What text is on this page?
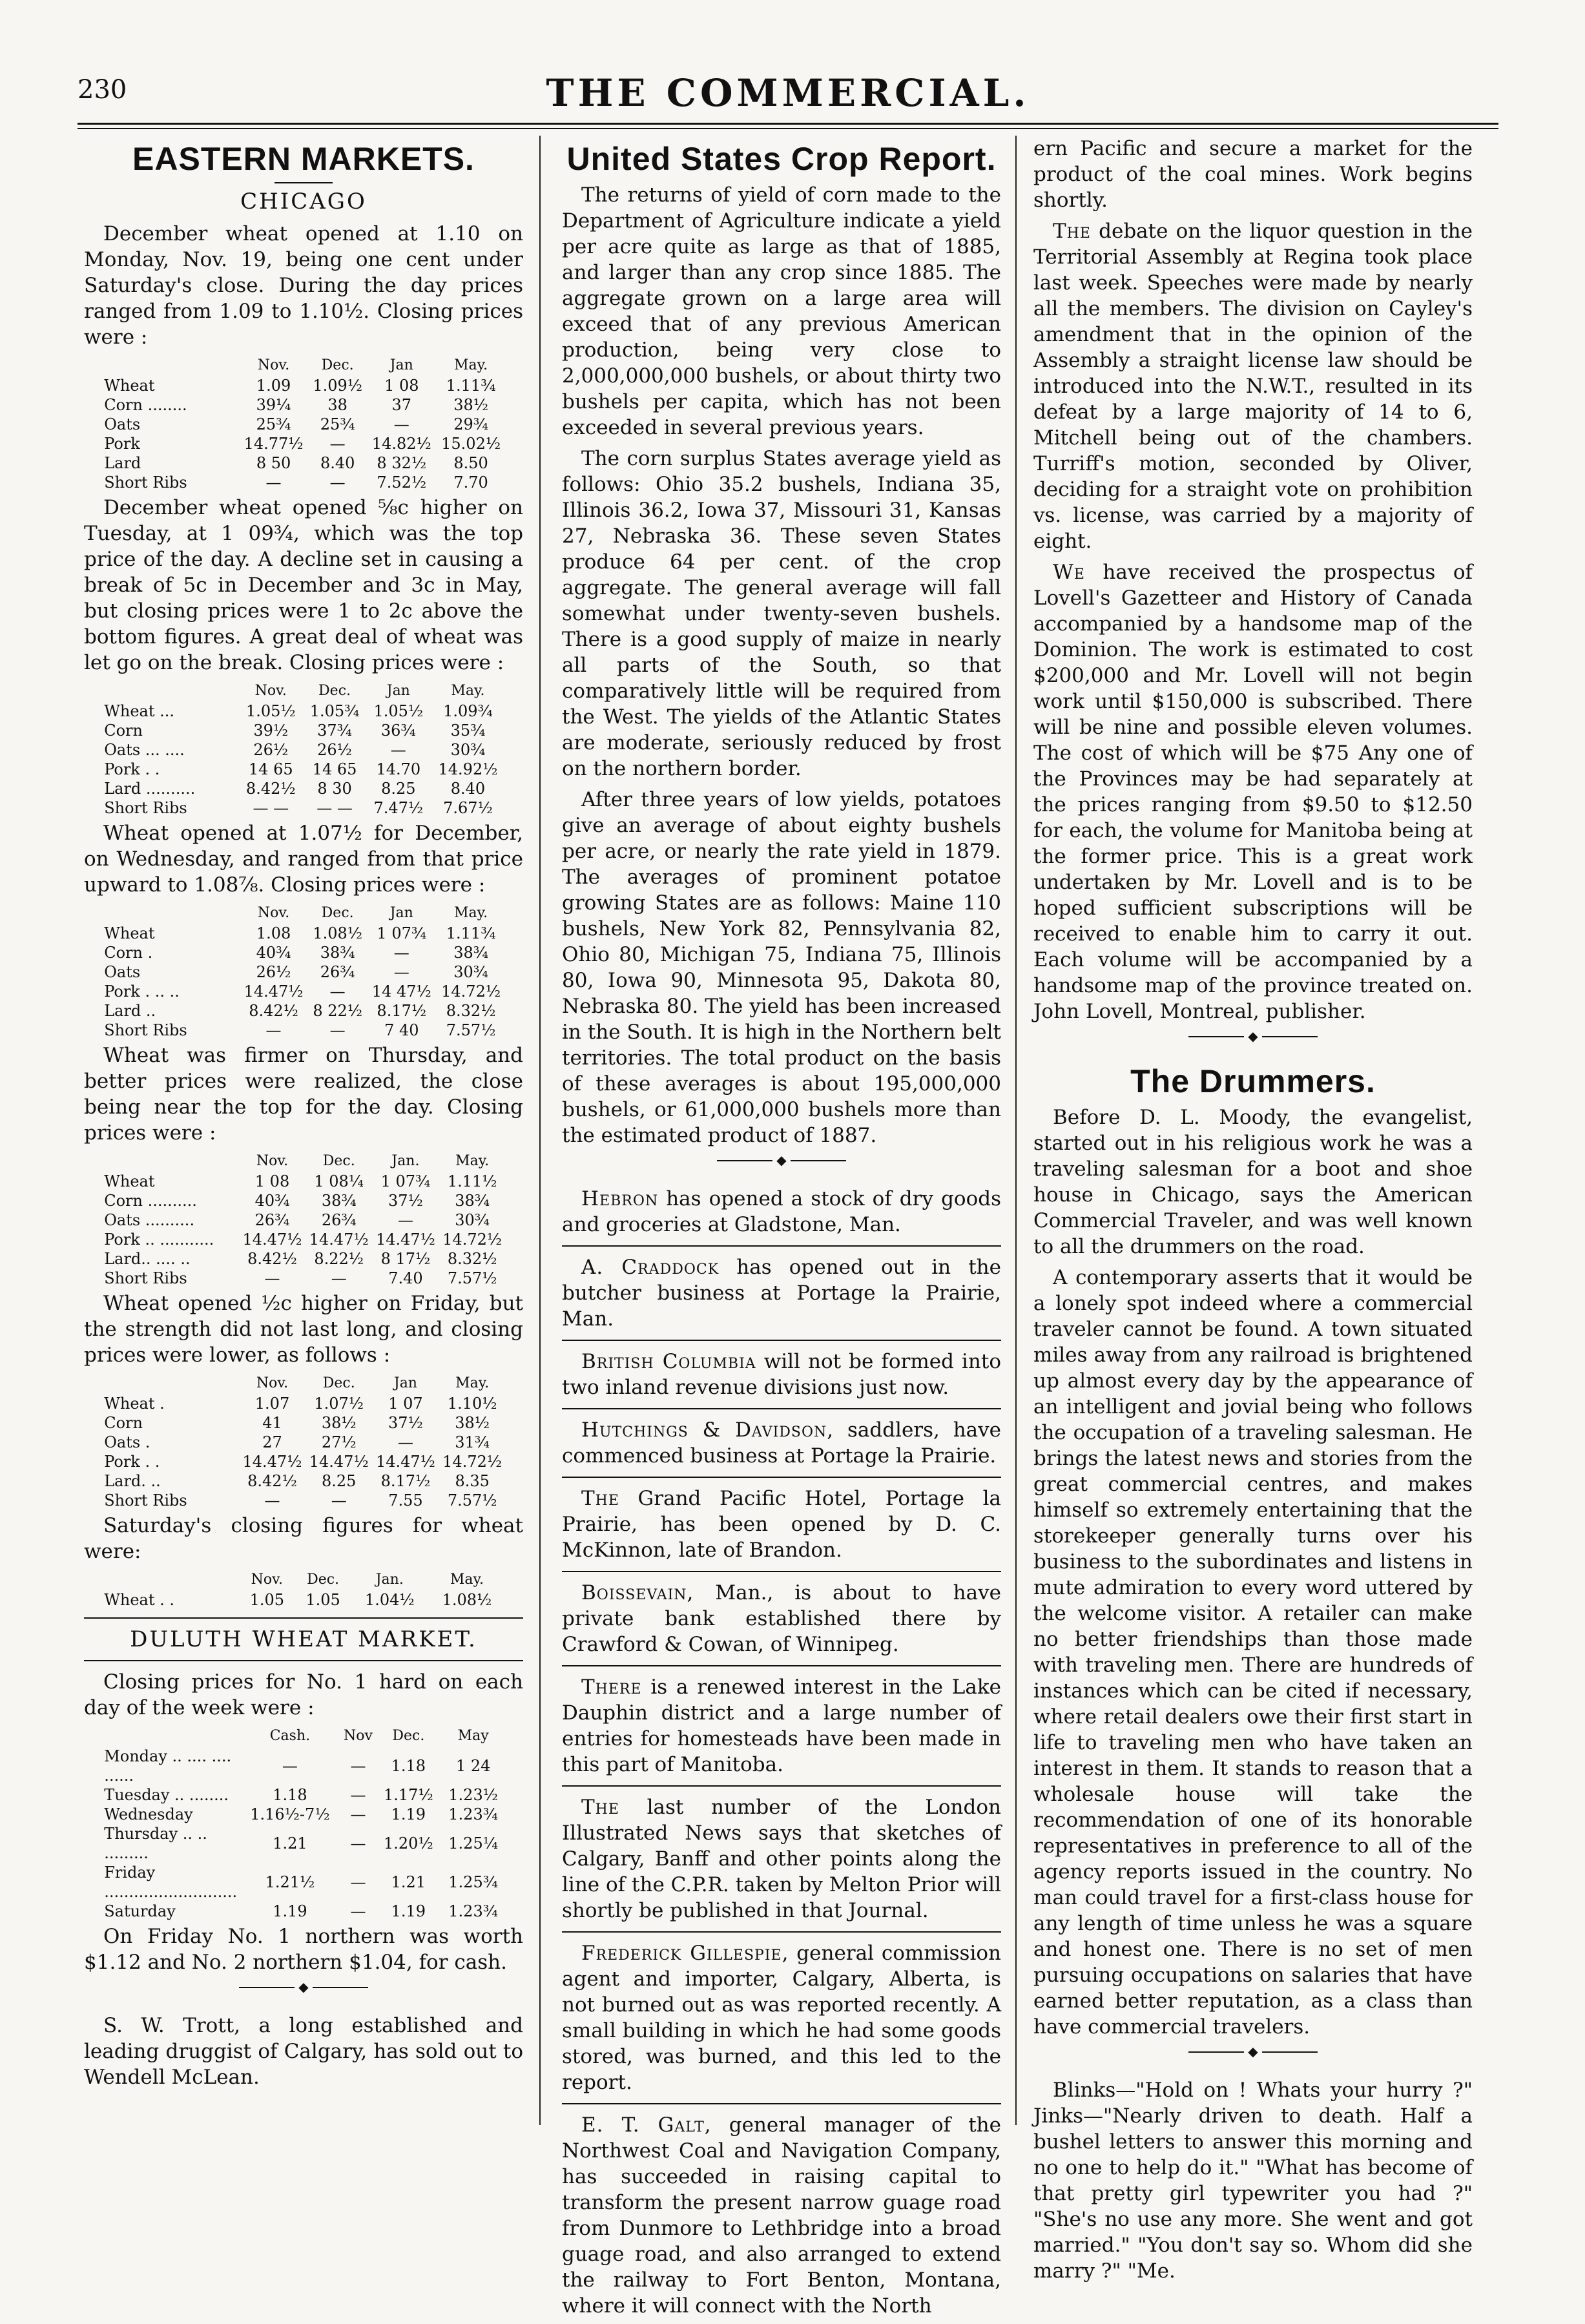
230	THE COMMERCIAL.
EASTERN MARKETS.
CHICAGO

December wheat opened at 1.10 on Monday, Nov. 19, being one cent under Saturday's close. During the day prices ranged from 1.09 to 1.10½. Closing prices were :

	Nov.	Dec.	Jan	May.
Wheat	1.09	1.09½	1 08	1.11¾
Corn ........	39¼	38	37	38½
Oats	25¾	25¾	—	29¾
Pork	14.77½	—	14.82½	15.02½
Lard	8 50	8.40	8 32½	8.50
Short Ribs	—	—	7.52½	7.70

December wheat opened ⅝c higher on Tuesday, at 1 09¾, which was the top price of the day. A decline set in causing a break of 5c in December and 3c in May, but closing prices were 1 to 2c above the bottom figures. A great deal of wheat was let go on the break. Closing prices were :

	Nov.	Dec.	Jan	May.
Wheat ...	1.05½	1.05¾	1.05½	1.09¾
Corn	39½	37¾	36¾	35¾
Oats ... ....	26½	26½	—	30¾
Pork . .	14 65	14 65	14.70	14.92½
Lard ..........	8.42½	8 30	8.25	8.40
Short Ribs	— —	— —	7.47½	7.67½

Wheat opened at 1.07½ for December, on Wednesday, and ranged from that price upward to 1.08⅞. Closing prices were :

	Nov.	Dec.	Jan	May.
Wheat	1.08	1.08½	1 07¾	1.11¾
Corn .	40¾	38¾	—	38¾
Oats	26½	26¾	—	30¾
Pork . .. ..	14.47½	—	14 47½	14.72½
Lard ..	8.42½	8 22½	8.17½	8.32½
Short Ribs	—	—	7 40	7.57½

Wheat was firmer on Thursday, and better prices were realized, the close being near the top for the day. Closing prices were :

	Nov.	Dec.	Jan.	May.
Wheat	1 08	1 08¼	1 07¾	1.11½
Corn ..........	40¾	38¾	37½	38¾
Oats ..........	26¾	26¾	—	30¾
Pork .. ...........	14.47½	14.47½	14.47½	14.72½
Lard.. .... ..	8.42½	8.22½	8 17½	8.32½
Short Ribs	—	—	7.40	7.57½

Wheat opened ½c higher on Friday, but the strength did not last long, and closing prices were lower, as follows :

	Nov.	Dec.	Jan	May.
Wheat .	1.07	1.07½	1 07	1.10½
Corn	41	38½	37½	38½
Oats .	27	27½	—	31¾
Pork . .	14.47½	14.47½	14.47½	14.72½
Lard. ..	8.42½	8.25	8.17½	8.35
Short Ribs	—	—	7.55	7.57½

Saturday's closing figures for wheat were:

	Nov.	Dec.	Jan.	May.
Wheat . .	1.05	1.05	1.04½	1.08½
DULUTH WHEAT MARKET.

Closing prices for No. 1 hard on each day of the week were :

	Cash.	Nov	Dec.	May
Monday .. .... .... ......	—	—	1.18	1 24
Tuesday .. ........	1.18	—	1.17½	1.23½
Wednesday	1.16½-7½	—	1.19	1.23¾
Thursday .. .. .........	1.21	—	1.20½	1.25¼
Friday ...........................	1.21½	—	1.21	1.25¾
Saturday	1.19	—	1.19	1.23¾

On Friday No. 1 northern was worth $1.12 and No. 2 northern $1.04, for cash.

◆

S. W. Trott, a long established and leading druggist of Calgary, has sold out to Wendell McLean.

United States Crop Report.

The returns of yield of corn made to the Department of Agriculture indicate a yield per acre quite as large as that of 1885, and larger than any crop since 1885. The aggregate grown on a large area will exceed that of any previous American production, being very close to 2,000,000,000 bushels, or about thirty two bushels per capita, which has not been exceeded in several previous years.

The corn surplus States average yield as follows: Ohio 35.2 bushels, Indiana 35, Illinois 36.2, Iowa 37, Missouri 31, Kansas 27, Nebraska 36. These seven States produce 64 per cent. of the crop aggregate. The general average will fall somewhat under twenty-seven bushels. There is a good supply of maize in nearly all parts of the South, so that comparatively little will be required from the West. The yields of the Atlantic States are moderate, seriously reduced by frost on the northern border.

After three years of low yields, potatoes give an average of about eighty bushels per acre, or nearly the rate yield in 1879. The averages of prominent potatoe growing States are as follows: Maine 110 bushels, New York 82, Pennsylvania 82, Ohio 80, Michigan 75, Indiana 75, Illinois 80, Iowa 90, Minnesota 95, Dakota 80, Nebraska 80. The yield has been increased in the South. It is high in the Northern belt territories. The total product on the basis of these averages is about 195,000,000 bushels, or 61,000,000 bushels more than the estimated product of 1887.

◆

Hebron has opened a stock of dry goods and groceries at Gladstone, Man.

A. Craddock has opened out in the butcher business at Portage la Prairie, Man.

British Columbia will not be formed into two inland revenue divisions just now.

Hutchings & Davidson, saddlers, have commenced business at Portage la Prairie.

The Grand Pacific Hotel, Portage la Prairie, has been opened by D. C. McKinnon, late of Brandon.

Boissevain, Man., is about to have private bank established there by Crawford & Cowan, of Winnipeg.

There is a renewed interest in the Lake Dauphin district and a large number of entries for homesteads have been made in this part of Manitoba.

The last number of the London Illustrated News says that sketches of Calgary, Banff and other points along the line of the C.P.R. taken by Melton Prior will shortly be published in that Journal.

Frederick Gillespie, general commission agent and importer, Calgary, Alberta, is not burned out as was reported recently. A small building in which he had some goods stored, was burned, and this led to the report.

E. T. Galt, general manager of the Northwest Coal and Navigation Company, has succeeded in raising capital to transform the present narrow guage road from Dunmore to Lethbridge into a broad guage road, and also arranged to extend the railway to Fort Benton, Montana, where it will connect with the North

ern Pacific and secure a market for the product of the coal mines. Work begins shortly.

The debate on the liquor question in the Territorial Assembly at Regina took place last week. Speeches were made by nearly all the members. The division on Cayley's amendment that in the opinion of the Assembly a straight license law should be introduced into the N.W.T., resulted in its defeat by a large majority of 14 to 6, Mitchell being out of the chambers. Turriff's motion, seconded by Oliver, deciding for a straight vote on prohibition vs. license, was carried by a majority of eight.

We have received the prospectus of Lovell's Gazetteer and History of Canada accompanied by a handsome map of the Dominion. The work is estimated to cost $200,000 and Mr. Lovell will not begin work until $150,000 is subscribed. There will be nine and possible eleven volumes. The cost of which will be $75 Any one of the Provinces may be had separately at the prices ranging from $9.50 to $12.50 for each, the volume for Manitoba being at the former price. This is a great work undertaken by Mr. Lovell and is to be hoped sufficient subscriptions will be received to enable him to carry it out. Each volume will be accompanied by a handsome map of the province treated on. John Lovell, Montreal, publisher.

◆
The Drummers.

Before D. L. Moody, the evangelist, started out in his religious work he was a traveling salesman for a boot and shoe house in Chicago, says the American Commercial Traveler, and was well known to all the drummers on the road.

A contemporary asserts that it would be a lonely spot indeed where a commercial traveler cannot be found. A town situated miles away from any railroad is brightened up almost every day by the appearance of an intelligent and jovial being who follows the occupation of a traveling salesman. He brings the latest news and stories from the great commercial centres, and makes himself so extremely entertaining that the storekeeper generally turns over his business to the subordinates and listens in mute admiration to every word uttered by the welcome visitor. A retailer can make no better friendships than those made with traveling men. There are hundreds of instances which can be cited if necessary, where retail dealers owe their first start in life to traveling men who have taken an interest in them. It stands to reason that a wholesale house will take the recommendation of one of its honorable representatives in preference to all of the agency reports issued in the country. No man could travel for a first-class house for any length of time unless he was a square and honest one. There is no set of men pursuing occupations on salaries that have earned better reputation, as a class than have commercial travelers.

◆

Blinks—"Hold on ! Whats your hurry ?" Jinks—"Nearly driven to death. Half a bushel letters to answer this morning and no one to help do it." "What has become of that pretty girl typewriter you had ?" "She's no use any more. She went and got married." "You don't say so. Whom did she marry ?" "Me.
